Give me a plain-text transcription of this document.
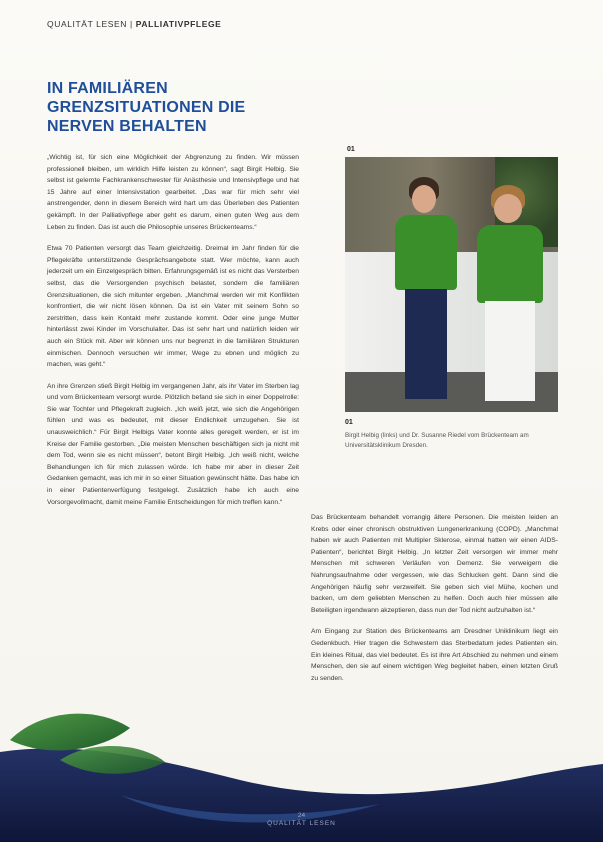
QUALITÄT LESEN | PALLIATIVPFLEGE
IN FAMILIÄREN GRENZSITUATIONEN DIE NERVEN BEHALTEN

„Wichtig ist, für sich eine Möglichkeit der Abgrenzung zu finden. Wir müssen professionell bleiben, um wirklich Hilfe leisten zu können“, sagt Birgit Helbig. Sie selbst ist gelernte Fachkrankenschwester für Anästhesie und Intensivpflege und hat 15 Jahre auf einer Intensivstation gearbeitet. „Das war für mich sehr viel anstrengender, denn in diesem Bereich wird hart um das Überleben des Patienten gekämpft. In der Palliativpflege aber geht es darum, einen guten Weg aus dem Leben zu finden. Das ist auch die Philosophie unseres Brückenteams.“

Etwa 70 Patienten versorgt das Team gleichzeitig. Dreimal im Jahr finden für die Pflegekräfte unterstützende Gesprächsangebote statt. Wer möchte, kann auch jederzeit um ein Einzelgespräch bitten. Erfahrungsgemäß ist es nicht das Versterben selbst, das die Versorgenden psychisch belastet, sondern die familiären Grenzsituationen, die sich mitunter ergeben. „Manchmal werden wir mit Konflikten konfrontiert, die wir nicht lösen können. Da ist ein Vater mit seinem Sohn so zerstritten, dass kein Kontakt mehr zustande kommt. Oder eine junge Mutter hinterlässt zwei Kinder im Vorschulalter. Das ist sehr hart und natürlich leiden wir auch ein Stück mit. Aber wir können uns nur begrenzt in die familiären Strukturen einmischen. Dennoch versuchen wir immer, Wege zu ebnen und möglich zu machen, was geht.“

An ihre Grenzen stieß Birgit Helbig im vergangenen Jahr, als ihr Vater im Sterben lag und vom Brückenteam versorgt wurde. Plötzlich befand sie sich in einer Doppelrolle: Sie war Tochter und Pflegekraft zugleich. „Ich weiß jetzt, wie sich die Angehörigen fühlen und was es bedeutet, mit dieser Endlichkeit umzugehen. Sie ist unausweichlich.“ Für Birgit Helbigs Vater konnte alles geregelt werden, er ist im Kreise der Familie gestorben. „Die meisten Menschen beschäftigen sich ja nicht mit dem Tod, wenn sie es nicht müssen“, betont Birgit Helbig. „Ich weiß nicht, welche Behandlungen ich für mich zulassen würde. Ich habe mir aber in dieser Zeit Gedanken gemacht, was ich mir in so einer Situation gewünscht hätte. Das habe ich in einer Patientenverfügung festgelegt. Zusätzlich habe ich auch eine Vorsorgevollmacht, damit meine Familie Entscheidungen für mich treffen kann.“

01
01
Birgit Helbig (links) und Dr. Susanne Riedel vom Brückenteam am Universitätsklinikum Dresden.

Das Brückenteam behandelt vorrangig ältere Personen. Die meisten leiden an Krebs oder einer chronisch obstruktiven Lungenerkrankung (COPD). „Manchmal haben wir auch Patienten mit Multipler Sklerose, einmal hatten wir einen AIDS-Patienten“, berichtet Birgit Helbig. „In letzter Zeit versorgen wir immer mehr Menschen mit schweren Verläufen von Demenz. Sie verweigern die Nahrungsaufnahme oder vergessen, wie das Schlucken geht. Dann sind die Angehörigen häufig sehr verzweifelt. Sie geben sich viel Mühe, kochen und backen, um dem geliebten Menschen zu helfen. Doch auch hier müssen alle Beteiligten irgendwann akzeptieren, dass nun der Tod nicht aufzuhalten ist.“

Am Eingang zur Station des Brückenteams am Dresdner Uniklinikum liegt ein Gedenkbuch. Hier tragen die Schwestern das Sterbedatum jedes Patienten ein. Ein kleines Ritual, das viel bedeutet. Es ist ihre Art Abschied zu nehmen und einem Menschen, den sie auf einem wichtigen Weg begleitet haben, einen letzten Gruß zu senden.

24
QUALITÄT LESEN
